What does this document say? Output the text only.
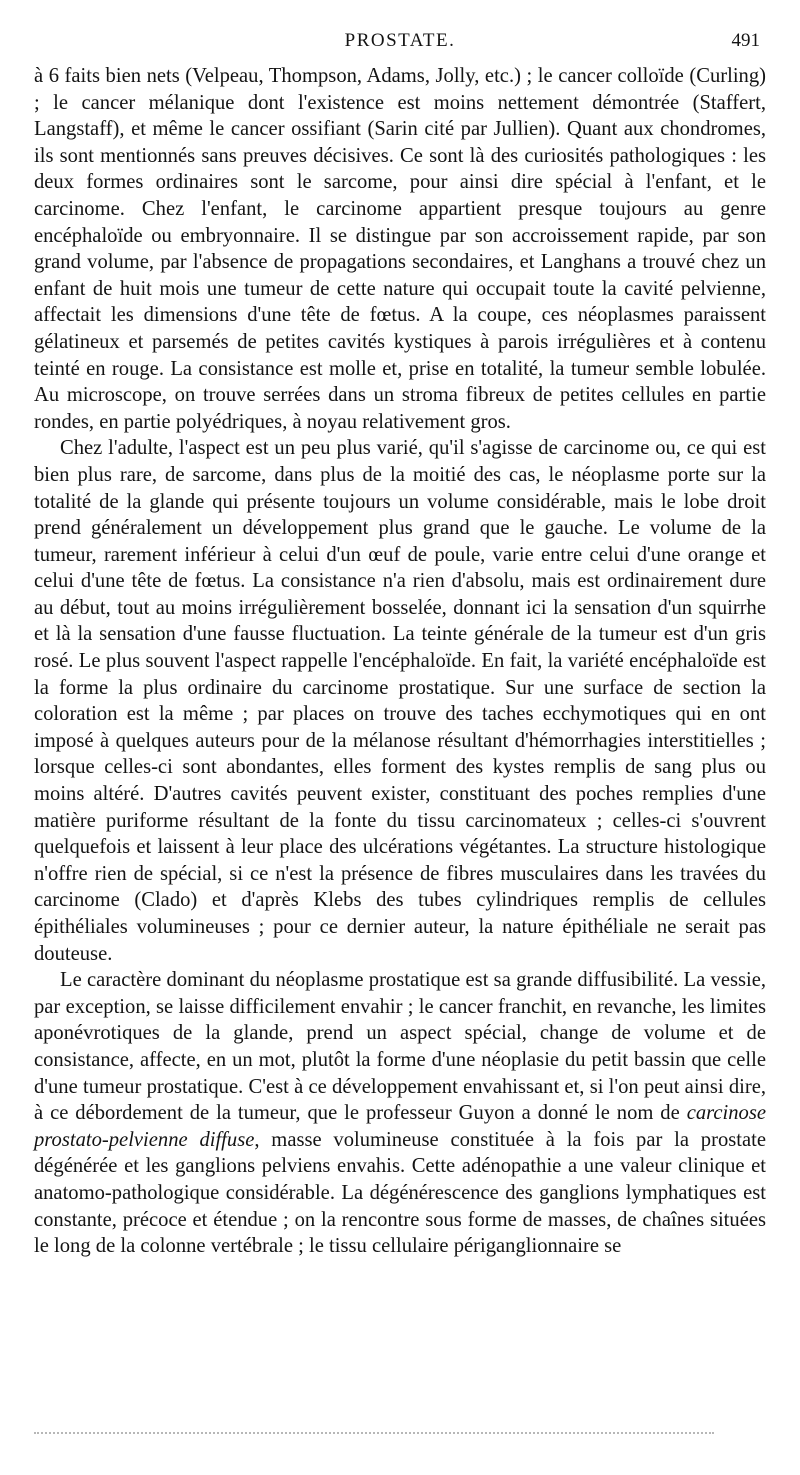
PROSTATE.	491

à 6 faits bien nets (Velpeau, Thompson, Adams, Jolly, etc.) ; le cancer colloïde (Curling) ; le cancer mélanique dont l'existence est moins nettement démontrée (Staffert, Langstaff), et même le cancer ossifiant (Sarin cité par Jullien). Quant aux chondromes, ils sont mentionnés sans preuves décisives. Ce sont là des curiosités pathologiques : les deux formes ordinaires sont le sarcome, pour ainsi dire spécial à l'enfant, et le carcinome. Chez l'enfant, le carcinome appartient presque toujours au genre encéphaloïde ou embryonnaire. Il se distingue par son accroissement rapide, par son grand volume, par l'absence de propagations secondaires, et Langhans a trouvé chez un enfant de huit mois une tumeur de cette nature qui occupait toute la cavité pelvienne, affectait les dimensions d'une tête de fœtus. A la coupe, ces néoplasmes paraissent gélatineux et parsemés de petites cavités kystiques à parois irrégulières et à contenu teinté en rouge. La consistance est molle et, prise en totalité, la tumeur semble lobulée. Au microscope, on trouve serrées dans un stroma fibreux de petites cellules en partie rondes, en partie polyédriques, à noyau relativement gros.

Chez l'adulte, l'aspect est un peu plus varié, qu'il s'agisse de carcinome ou, ce qui est bien plus rare, de sarcome, dans plus de la moitié des cas, le néoplasme porte sur la totalité de la glande qui présente toujours un volume considérable, mais le lobe droit prend généralement un développement plus grand que le gauche. Le volume de la tumeur, rarement inférieur à celui d'un œuf de poule, varie entre celui d'une orange et celui d'une tête de fœtus. La consistance n'a rien d'absolu, mais est ordinairement dure au début, tout au moins irrégulièrement bosselée, donnant ici la sensation d'un squirrhe et là la sensation d'une fausse fluctuation. La teinte générale de la tumeur est d'un gris rosé. Le plus souvent l'aspect rappelle l'encéphaloïde. En fait, la variété encéphaloïde est la forme la plus ordinaire du carcinome prostatique. Sur une surface de section la coloration est la même ; par places on trouve des taches ecchymotiques qui en ont imposé à quelques auteurs pour de la mélanose résultant d'hémorrhagies interstitielles ; lorsque celles-ci sont abondantes, elles forment des kystes remplis de sang plus ou moins altéré. D'autres cavités peuvent exister, constituant des poches remplies d'une matière puriforme résultant de la fonte du tissu carcinomateux ; celles-ci s'ouvrent quelquefois et laissent à leur place des ulcérations végétantes. La structure histologique n'offre rien de spécial, si ce n'est la présence de fibres musculaires dans les travées du carcinome (Clado) et d'après Klebs des tubes cylindriques remplis de cellules épithéliales volumineuses ; pour ce dernier auteur, la nature épithéliale ne serait pas douteuse.

Le caractère dominant du néoplasme prostatique est sa grande diffusibilité. La vessie, par exception, se laisse difficilement envahir ; le cancer franchit, en revanche, les limites aponévrotiques de la glande, prend un aspect spécial, change de volume et de consistance, affecte, en un mot, plutôt la forme d'une néoplasie du petit bassin que celle d'une tumeur prostatique. C'est à ce développement envahissant et, si l'on peut ainsi dire, à ce débordement de la tumeur, que le professeur Guyon a donné le nom de carcinose prostato-pelvienne diffuse, masse volumineuse constituée à la fois par la prostate dégénérée et les ganglions pelviens envahis. Cette adénopathie a une valeur clinique et anatomo-pathologique considérable. La dégénérescence des ganglions lymphatiques est constante, précoce et étendue ; on la rencontre sous forme de masses, de chaînes situées le long de la colonne vertébrale ; le tissu cellulaire périganglionnaire se
